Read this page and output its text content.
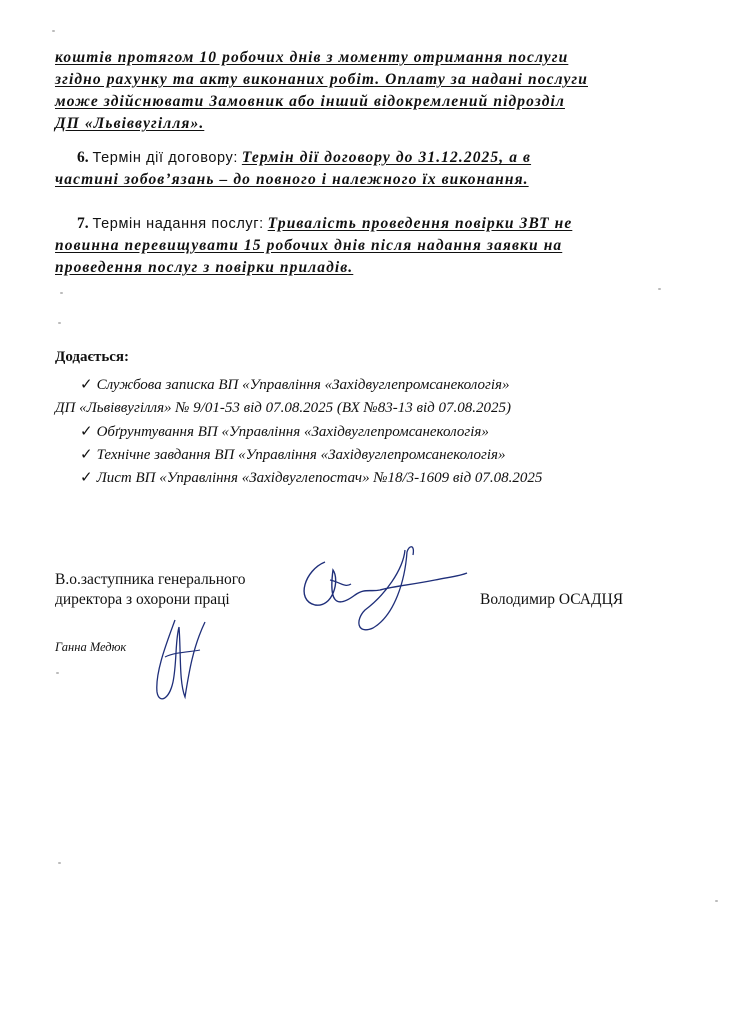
коштів протягом 10 робочих днів з моменту отримання послуги
згідно рахунку та акту виконаних робіт. Оплату за надані послуги
може здійснювати Замовник або інший відокремлений підрозділ
ДП «Львіввугілля».
6. Термін дії договору: Термін дії договору до 31.12.2025, а в
частині зобов’язань – до повного і належного їх виконання.
7. Термін надання послуг: Тривалість проведення повірки ЗВТ не
повинна перевищувати 15 робочих днів після надання заявки на
проведення послуг з повірки приладів.
Додається:
✓ Службова записка ВП «Управління «Західвуглепромсанекологія»
ДП «Львіввугілля» № 9/01-53 від 07.08.2025 (ВХ №83-13 від 07.08.2025)
✓ Обґрунтування ВП «Управління «Західвуглепромсанекологія»
✓ Технічне завдання ВП «Управління «Західвуглепромсанекологія»
✓ Лист ВП «Управління «Західвуглепостач» №18/3-1609 від 07.08.2025
В.о.заступника генерального
директора з охорони праці	Володимир ОСАДЦЯ
Ганна Медюк
